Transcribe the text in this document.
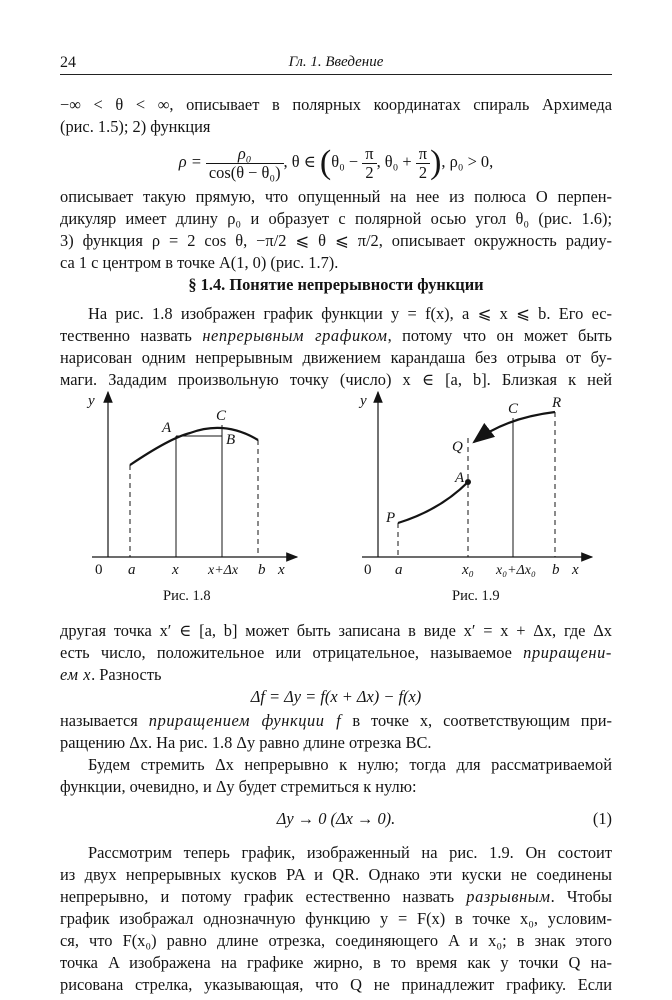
24	Гл. 1. Введение
−∞ < θ < ∞, описывает в полярных координатах спираль Архимеда
(рис. 1.5); 2) функция
$\rho = \frac{\text{ρ₀}}{\text{cos(θ − θ₀)}}$ , θ ∈ ($\theta_0 - \frac{\pi}{2}$ , $\theta_0 + \frac{\pi}{2}$ ), ρ₀ > 0,
описывает такую прямую, что опущенный на нее из полюса O перпен-
дикуляр имеет длину ρ₀ и образует с полярной осью угол θ₀ (рис. 1.6);
3) функция ρ = 2 cos θ, −π/2 ⩽ θ ⩽ π/2, описывает окружность радиу-
са 1 с центром в точке A(1, 0) (рис. 1.7).
§ 1.4. Понятие непрерывности функции
На рис. 1.8 изображен график функции y = f(x), a ⩽ x ⩽ b. Его ес-
тественно назвать непрерывным графиком, потому что он может быть
нарисован одним непрерывным движением карандаша без отрыва от бу-
маги. Зададим произвольную точку (число) x ∈ [a, b]. Близкая к ней
y
A
C
B
0 a x x+Δx b x
y
P
A
Q
C R
0 a	x₀ x₀+Δx₀ b x
Рис. 1.8	Рис. 1.9
другая точка x′ ∈ [a, b] может быть записана в виде x′ = x + Δx, где Δx
есть число, положительное или отрицательное, называемое приращени-
ем x. Разность
Δf = Δy = f(x + Δx) − f(x)
называется приращением функции f в точке x, соответствующим при-
ращению Δx. На рис. 1.8 Δy равно длине отрезка BC.
Будем стремить Δx непрерывно к нулю; тогда для рассматриваемой
функции, очевидно, и Δy будет стремиться к нулю:
Δy → 0 (Δx → 0).	(1)
Рассмотрим теперь график, изображенный на рис. 1.9. Он состоит
из двух непрерывных кусков PA и QR. Однако эти куски не соединены
непрерывно, и потому график естественно назвать разрывным. Чтобы
график изображал однозначную функцию y = F(x) в точке x₀, условим-
ся, что F(x₀) равно длине отрезка, соединяющего A и x₀; в знак этого
точка A изображена на графике жирно, в то время как у точки Q на-
рисована стрелка, указывающая, что Q не принадлежит графику. Если
